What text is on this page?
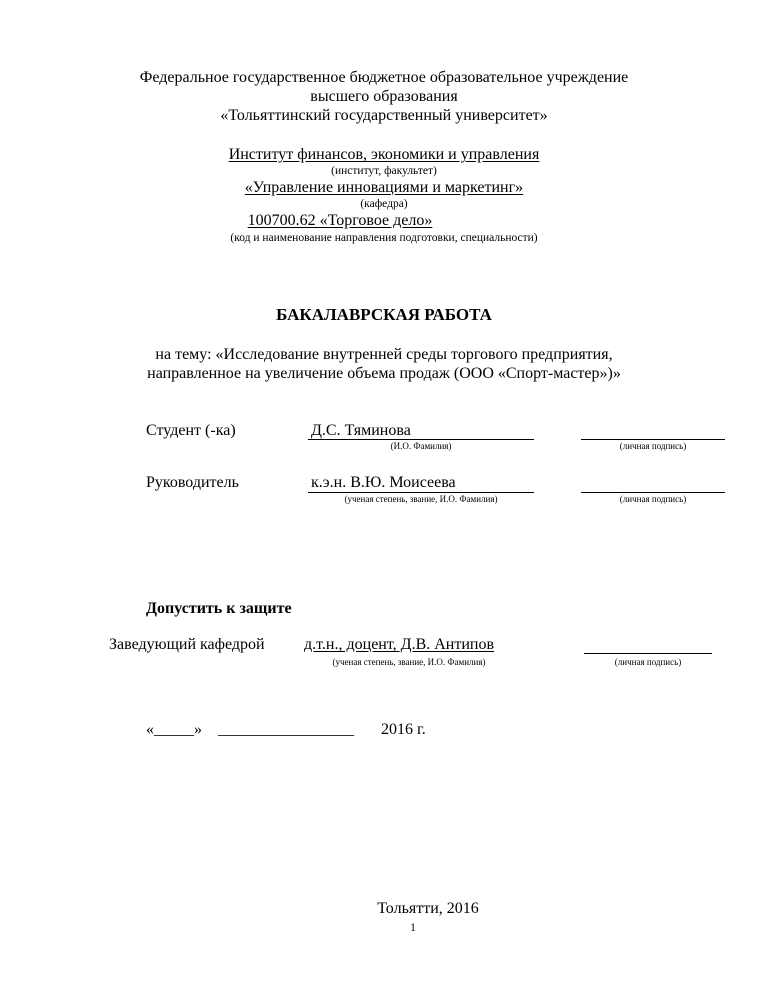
Федеральное государственное бюджетное образовательное учреждение
высшего образования
«Тольяттинский государственный университет»
Институт финансов, экономики и управления
(институт, факультет)
«Управление инновациями и маркетинг»
(кафедра)
100700.62 «Торговое дело»
(код и наименование направления подготовки, специальности)
БАКАЛАВРСКАЯ РАБОТА
на тему: «Исследование внутренней среды торгового предприятия,
направленное на увеличение объема продаж (ООО «Спорт-мастер»)»
Студент (-ка)	Д.С. Тяминова
(И.О. Фамилия)	(личная подпись)
Руководитель	к.э.н. В.Ю. Моисеева
(ученая степень, звание, И.О. Фамилия)	(личная подпись)
Допустить к защите
Заведующий кафедрой д.т.н., доцент, Д.В. Антипов
(ученая степень, звание, И.О. Фамилия)	(личная подпись)
«_____» _________________ 2016 г.
Тольятти, 2016
1
